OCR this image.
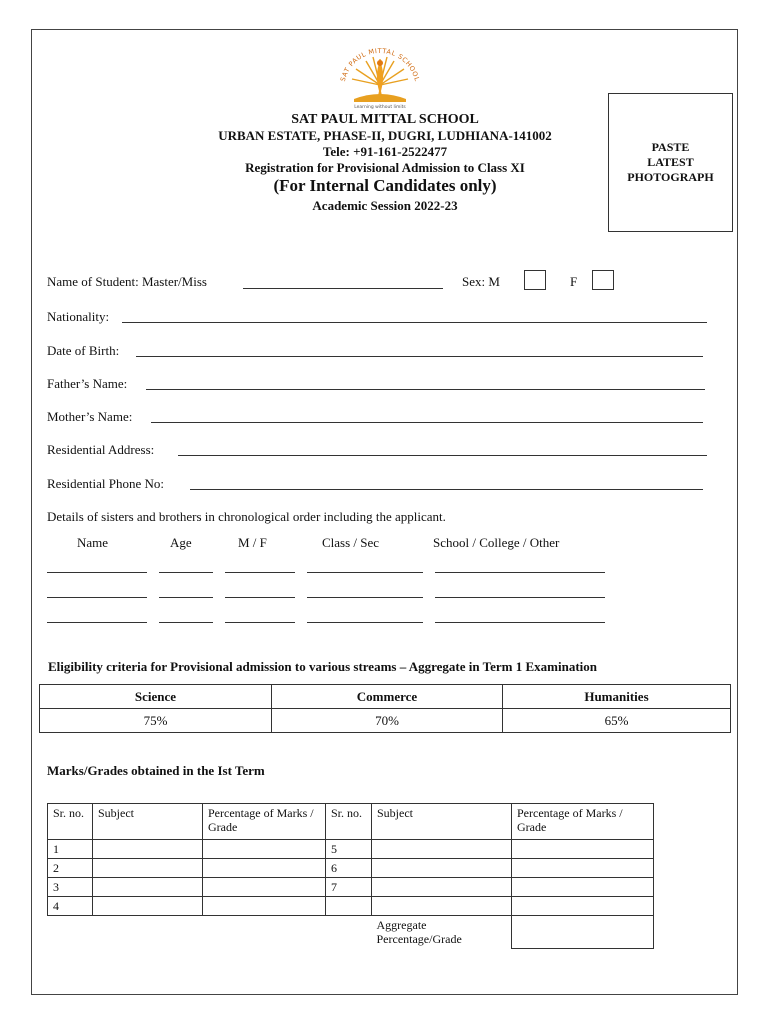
SAT PAUL MITTAL SCHOOL
Learning without limits
SAT PAUL MITTAL SCHOOL
URBAN ESTATE, PHASE-II, DUGRI, LUDHIANA-141002
Tele: +91-161-2522477
Registration for Provisional Admission to Class XI
(For Internal Candidates only)
Academic Session 2022-23
PASTE
LATEST
PHOTOGRAPH
Name of Student: Master/Miss	Sex: M	F
Nationality:
Date of Birth:
Father’s Name:
Mother’s Name:
Residential Address:
Residential Phone No:
Details of sisters and brothers in chronological order including the applicant.
Name	Age	M / F	Class / Sec	School / College / Other
Eligibility criteria for Provisional admission to various streams – Aggregate in Term 1 Examination
Science	Commerce	Humanities
75%	70%	65%
Marks/Grades obtained in the Ist Term
Sr. no.	Subject	Percentage of Marks / Grade	Sr. no.	Subject	Percentage of Marks / Grade
1			5		
2			6		
3			7		
4					
				Aggregate Percentage/Grade	
